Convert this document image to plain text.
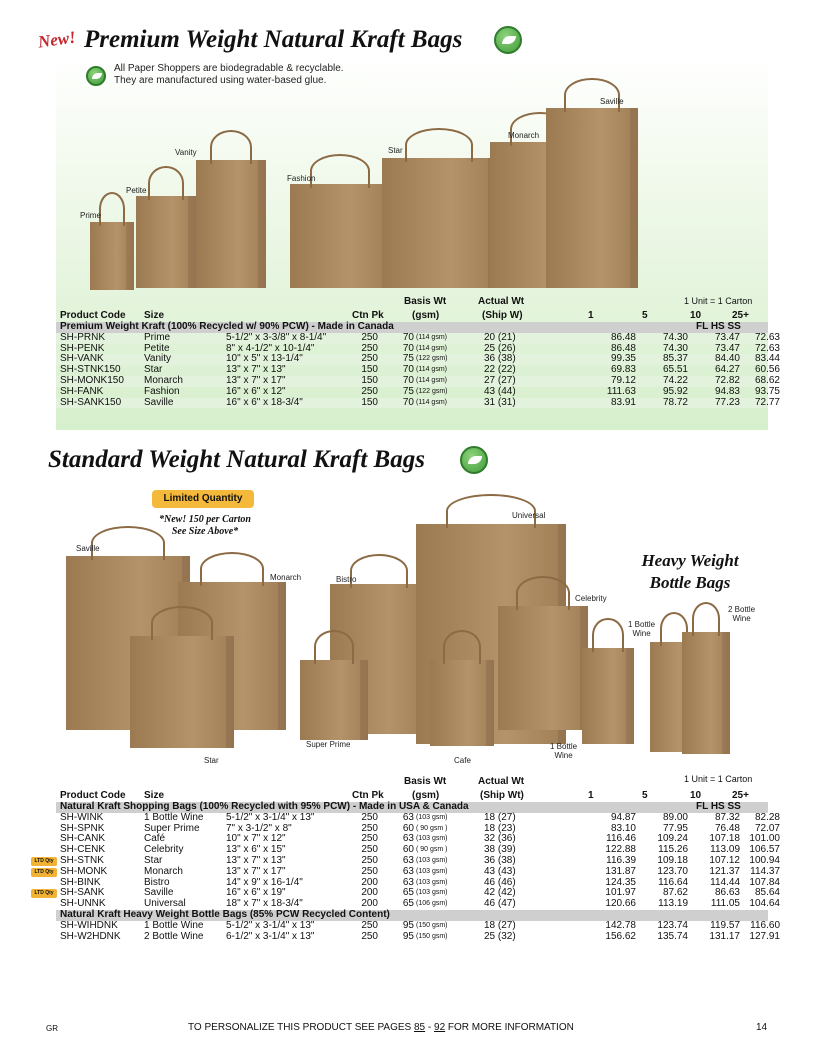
New! Premium Weight Natural Kraft Bags
All Paper Shoppers are biodegradable & recyclable.
They are manufactured using water-based glue.
Prime
Petite
Vanity
Fashion
Star
Monarch
Saville
1 Unit = 1 Carton
Basis Wt	Actual Wt
Product Code Size	Ctn Pk	(gsm)	(Ship W)	1	5	10	25+
Premium Weight Kraft (100% Recycled w/ 90% PCW) - Made in Canada	FL HS SS
SH-PRNK	Prime	5-1/2" x 3-3/8" x 8-1/4"	250 70 (114 gsm)	20 (21)	86.48	74.30	73.47	72.63
SH-PENK	Petite	8" x 4-1/2" x 10-1/4"	250 70 (114 gsm)	25 (26)	86.48	74.30	73.47	72.63
SH-VANK	Vanity	10" x 5" x 13-1/4"	250 75 (122 gsm)	36 (38)	99.35	85.37	84.40	83.44
SH-STNK150 Star	13" x 7" x 13"	150 70 (114 gsm)	22 (22)	69.83	65.51	64.27	60.56
SH-MONK150 Monarch	13" x 7" x 17"	150 70 (114 gsm)	27 (27)	79.12	74.22	72.82	68.62
SH-FANK	Fashion	16" x 6" x 12"	250 75 (122 gsm)	43 (44)	111.63	95.92	94.83	93.75
SH-SANK150 Saville	16" x 6" x 18-3/4"	150 70 (114 gsm)	31 (31)	83.91	78.72	77.23	72.77
Standard Weight Natural Kraft Bags
Limited Quantity
*New! 150 per Carton
See Size Above*
Heavy Weight
Bottle Bags
Saville
Monarch	Bistro
Universal
Celebrity
1 Bottle
Wine
2 Bottle
Wine
Super Prime
Star	Cafe
1 Bottle
Wine
1 Unit = 1 Carton
Basis Wt	Actual Wt
Product Code Size	Ctn Pk	(gsm)	(Ship Wt)	1	5	10	25+
Natural Kraft Shopping Bags (100% Recycled with 95% PCW) - Made in USA & Canada	FL HS SS
SH-WINK	1 Bottle Wine 5-1/2" x 3-1/4" x 13"	250 63 (103 gsm)	18 (27)	94.87	89.00	87.32	82.28
SH-SPNK	Super Prime	7" x 3-1/2" x 8"	250 60 ( 90 gsm )	18 (23)	83.10	77.95	76.48	72.07
SH-CANK	Café	10" x 7" x 12"	250 63 (103 gsm)	32 (36)	116.46	109.24	107.18 101.00
SH-CENK	Celebrity	13" x 6" x 15"	250 60 ( 90 gsm )	38 (39)	122.88	115.26	113.09 106.57
SH-STNK	Star	13" x 7" x 13"	250 63 (103 gsm)	36 (38)	116.39	109.18	107.12 100.94
SH-MONK	Monarch	13" x 7" x 17"	250 63 (103 gsm)	43 (43)	131.87	123.70	121.37	114.37
SH-BINK	Bistro	14" x 9" x 16-1/4"	200 63 (103 gsm)	46 (46)	124.35	116.64	114.44 107.84
SH-SANK	Saville	16" x 6" x 19"	200 65 (103 gsm)	42 (42)	101.97	87.62	86.63	85.64
SH-UNNK	Universal	18" x 7" x 18-3/4"	200 65 (106 gsm)	46 (47)	120.66	113.19	111.05 104.64
Natural Kraft Heavy Weight Bottle Bags (85% PCW Recycled Content)
SH-WIHDNK	1 Bottle Wine 5-1/2" x 3-1/4" x 13"	250 95 (150 gsm)	18 (27)	142.78	123.74	119.57	116.60
SH-W2HDNK 2 Bottle Wine 6-1/2" x 3-1/4" x 13"	250 95 (150 gsm)	25 (32)	156.62	135.74	131.17 127.91
GR	TO PERSONALIZE THIS PRODUCT SEE PAGES 85 - 92 FOR MORE INFORMATION	14
LTD Qty
LTD Qty
LTD Qty
